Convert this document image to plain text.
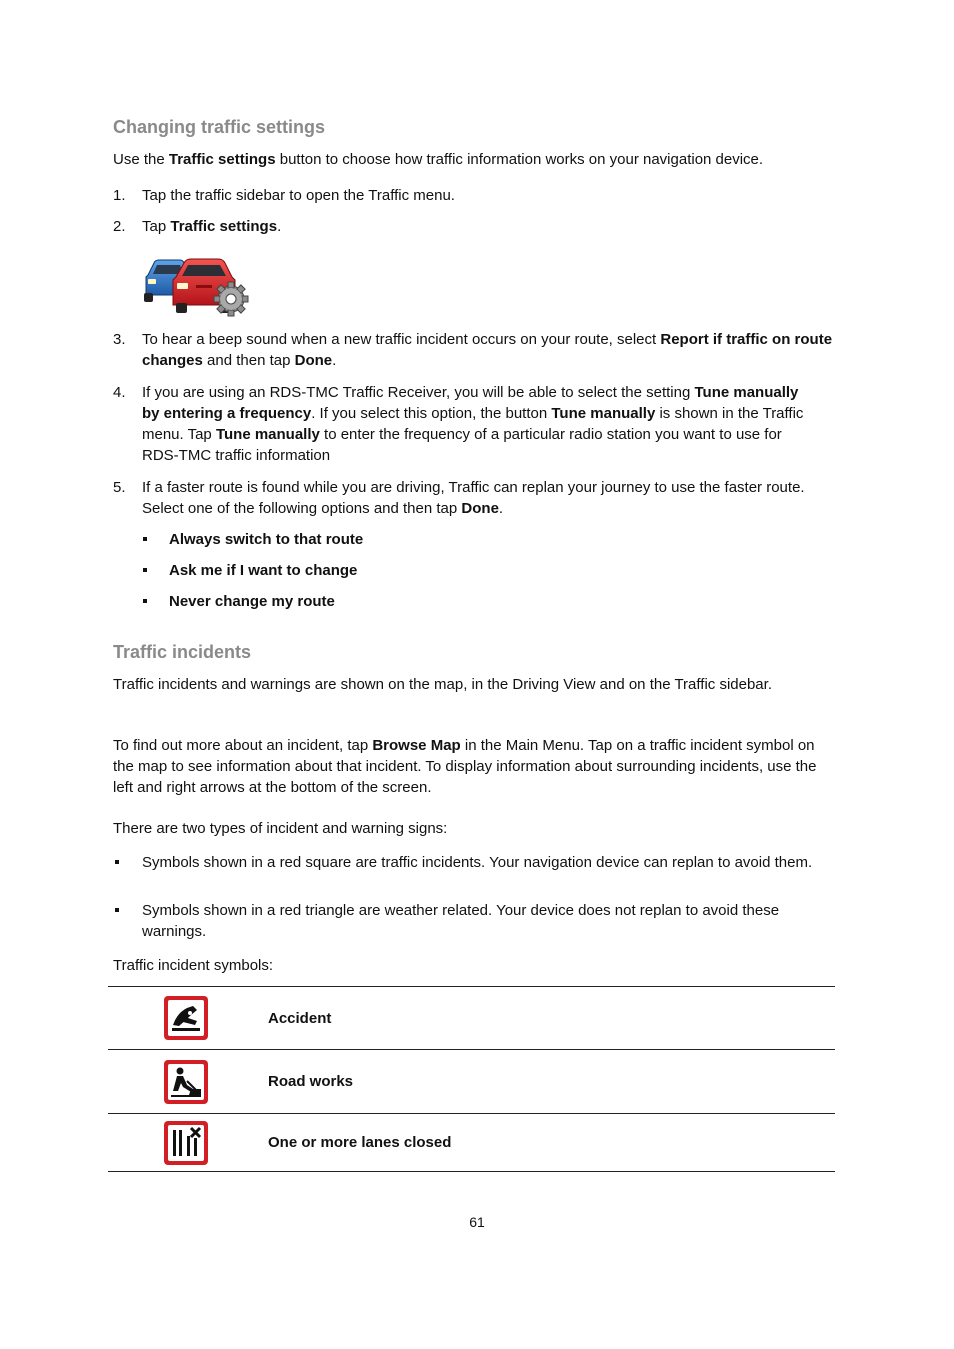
Changing traffic settings

Use the Traffic settings button to choose how traffic information works on your navigation device.

1.	Tap the traffic sidebar to open the Traffic menu.

2.	Tap Traffic settings.

3.	To hear a beep sound when a new traffic incident occurs on your route, select Report if traffic on route changes and then tap Done.

4.	If you are using an RDS-TMC Traffic Receiver, you will be able to select the setting Tune manually by entering a frequency. If you select this option, the button Tune manually is shown in the Traffic menu. Tap Tune manually to enter the frequency of a particular radio station you want to use for RDS-TMC traffic information

5.	If a faster route is found while you are driving, Traffic can replan your journey to use the faster route. Select one of the following options and then tap Done.

Always switch to that route
Ask me if I want to change
Never change my route
Traffic incidents

Traffic incidents and warnings are shown on the map, in the Driving View and on the Traffic sidebar.

To find out more about an incident, tap Browse Map in the Main Menu. Tap on a traffic incident symbol on the map to see information about that incident. To display information about surrounding incidents, use the left and right arrows at the bottom of the screen.

There are two types of incident and warning signs:

Symbols shown in a red square are traffic incidents. Your navigation device can replan to avoid them.

Symbols shown in a red triangle are weather related. Your device does not replan to avoid these warnings.

Traffic incident symbols:

	Accident

	Road works

	One or more lanes closed
61
